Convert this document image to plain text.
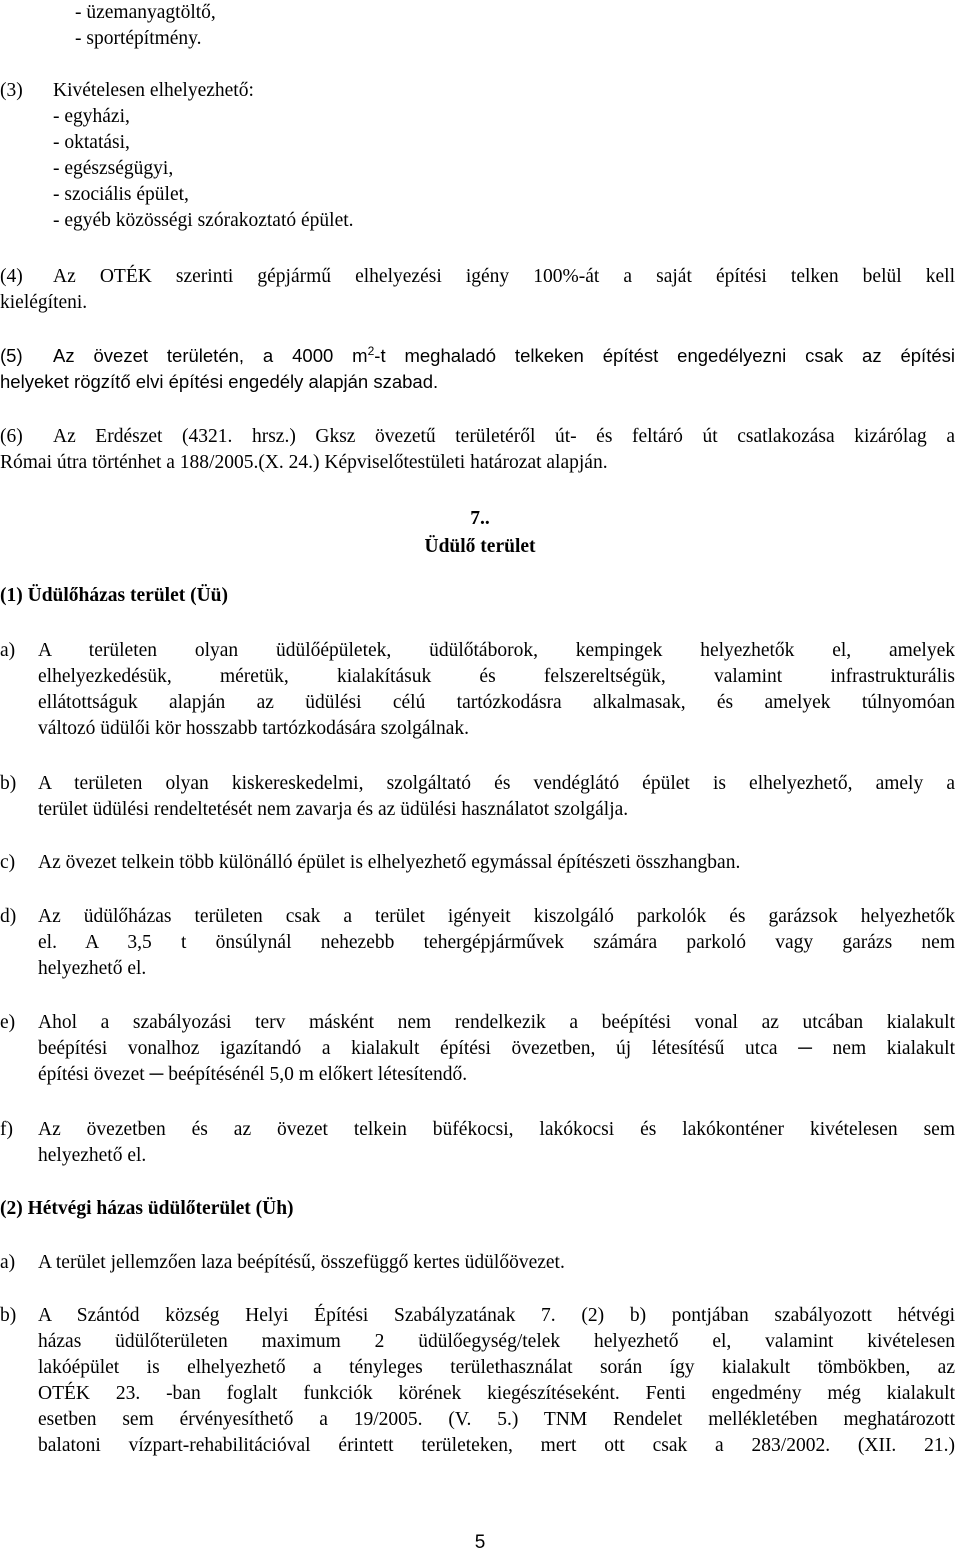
- üzemanyagtöltő,
- sportépítmény.
(3) Kivételesen elhelyezhető:
- egyházi,
- oktatási,
- egészségügyi,
- szociális épület,
- egyéb közösségi szórakoztató épület.
(4) Az OTÉK szerinti gépjármű elhelyezési igény 100%-át a saját építési telken belül kell
kielégíteni.
(5) Az övezet területén, a 4000 $m^2-t$ meghaladó telkeken építést engedélyezni csak az építési
helyeket rögzítő elvi építési engedély alapján szabad.
(6) Az Erdészet (4321. hrsz.) Gksz övezetű területéről út- és feltáró út csatlakozása kizárólag a
Római útra történhet a 188/2005.(X. 24.) Képviselőtestületi határozat alapján.
7..
Üdülő terület
(1) Üdülőházas terület (Üü)
a) A területen olyan üdülőépületek, üdülőtáborok, kempingek helyezhetők el, amelyek
elhelyezkedésük, méretük, kialakításuk és felszereltségük, valamint infrastrukturális
ellátottságuk alapján az üdülési célú tartózkodásra alkalmasak, és amelyek túlnyomóan
változó üdülői kör hosszabb tartózkodására szolgálnak.
b) A területen olyan kiskereskedelmi, szolgáltató és vendéglátó épület is elhelyezhető, amely a
terület üdülési rendeltetését nem zavarja és az üdülési használatot szolgálja.
c) Az övezet telkein több különálló épület is elhelyezhető egymással építészeti összhangban.
d) Az üdülőházas területen csak a terület igényeit kiszolgáló parkolók és garázsok helyezhetők
el. A 3,5 t önsúlynál nehezebb tehergépjárművek számára parkoló vagy garázs nem
helyezhető el.
e) Ahol a szabályozási terv másként nem rendelkezik a beépítési vonal az utcában kialakult
beépítési vonalhoz igazítandó a kialakult építési övezetben, új létesítésű utca ─ nem kialakult
építési övezet ─ beépítésénél 5,0 m előkert létesítendő.
f) Az övezetben és az övezet telkein büfékocsi, lakókocsi és lakókonténer kivételesen sem
helyezhető el.
(2) Hétvégi házas üdülőterület (Üh)
a) A terület jellemzően laza beépítésű, összefüggő kertes üdülőövezet.
b) A Szántód község Helyi Építési Szabályzatának 7. (2) b) pontjában szabályozott hétvégi
házas üdülőterületen maximum 2 üdülőegység/telek helyezhető el, valamint kivételesen
lakóépület is elhelyezhető a tényleges területhasználat során így kialakult tömbökben, az
OTÉK 23. -ban foglalt funkciók körének kiegészítéseként. Fenti engedmény még kialakult
esetben sem érvényesíthető a 19/2005. (V. 5.) TNM Rendelet mellékletében meghatározott
balatoni vízpart-rehabilitációval érintett területeken, mert ott csak a 283/2002. (XII. 21.)
5
